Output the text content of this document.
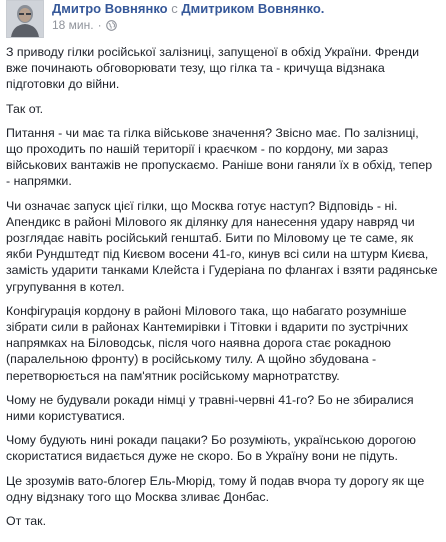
Дмитро Вовнянко с Дмитриком Вовнянко.
18 мин. ·

З приводу гілки російської залізниці, запущеної в обхід України. Френди вже починають обговорювати тезу, що гілка та - кричуща відзнака підготовки до війни.

Так от.

Питання - чи має та гілка військове значення? Звісно має. По залізниці, що проходить по нашій території і краєчком - по кордону, ми зараз військових вантажів не пропускаємо. Раніше вони ганяли їх в обхід, тепер - напрямки.

Чи означає запуск цієї гілки, що Москва готує наступ? Відповідь - ні. Апендикс в районі Мілового як ділянку для нанесення удару навряд чи розглядає навіть російський генштаб. Бити по Міловому це те саме, як якби Рундштедт під Києвом восени 41-го, кинув всі сили на штурм Києва, замість ударити танками Клейста і Гудеріана по флангах і взяти радянське угрупування в котел.

Конфігурація кордону в районі Мілового така, що набагато розумніше зібрати сили в районах Кантемирівки і Тітовки і вдарити по зустрічних напрямках на Біловодськ, після чого наявна дорога стає рокадною (паралельною фронту) в російському тилу. А щойно збудована - перетворюється на пам'ятник російському марнотратству.

Чому не будували рокади німці у травні-червні 41-го? Бо не збиралися ними користуватися.

Чому будують нині рокади пацаки? Бо розуміють, українською дорогою скористатися видається дуже не скоро. Бо в Україну вони не підуть.

Це зрозумів вато-блогер Ель-Мюрід, тому й подав вчора ту дорогу як ще одну відзнаку того що Москва зливає Донбас.

От так.
